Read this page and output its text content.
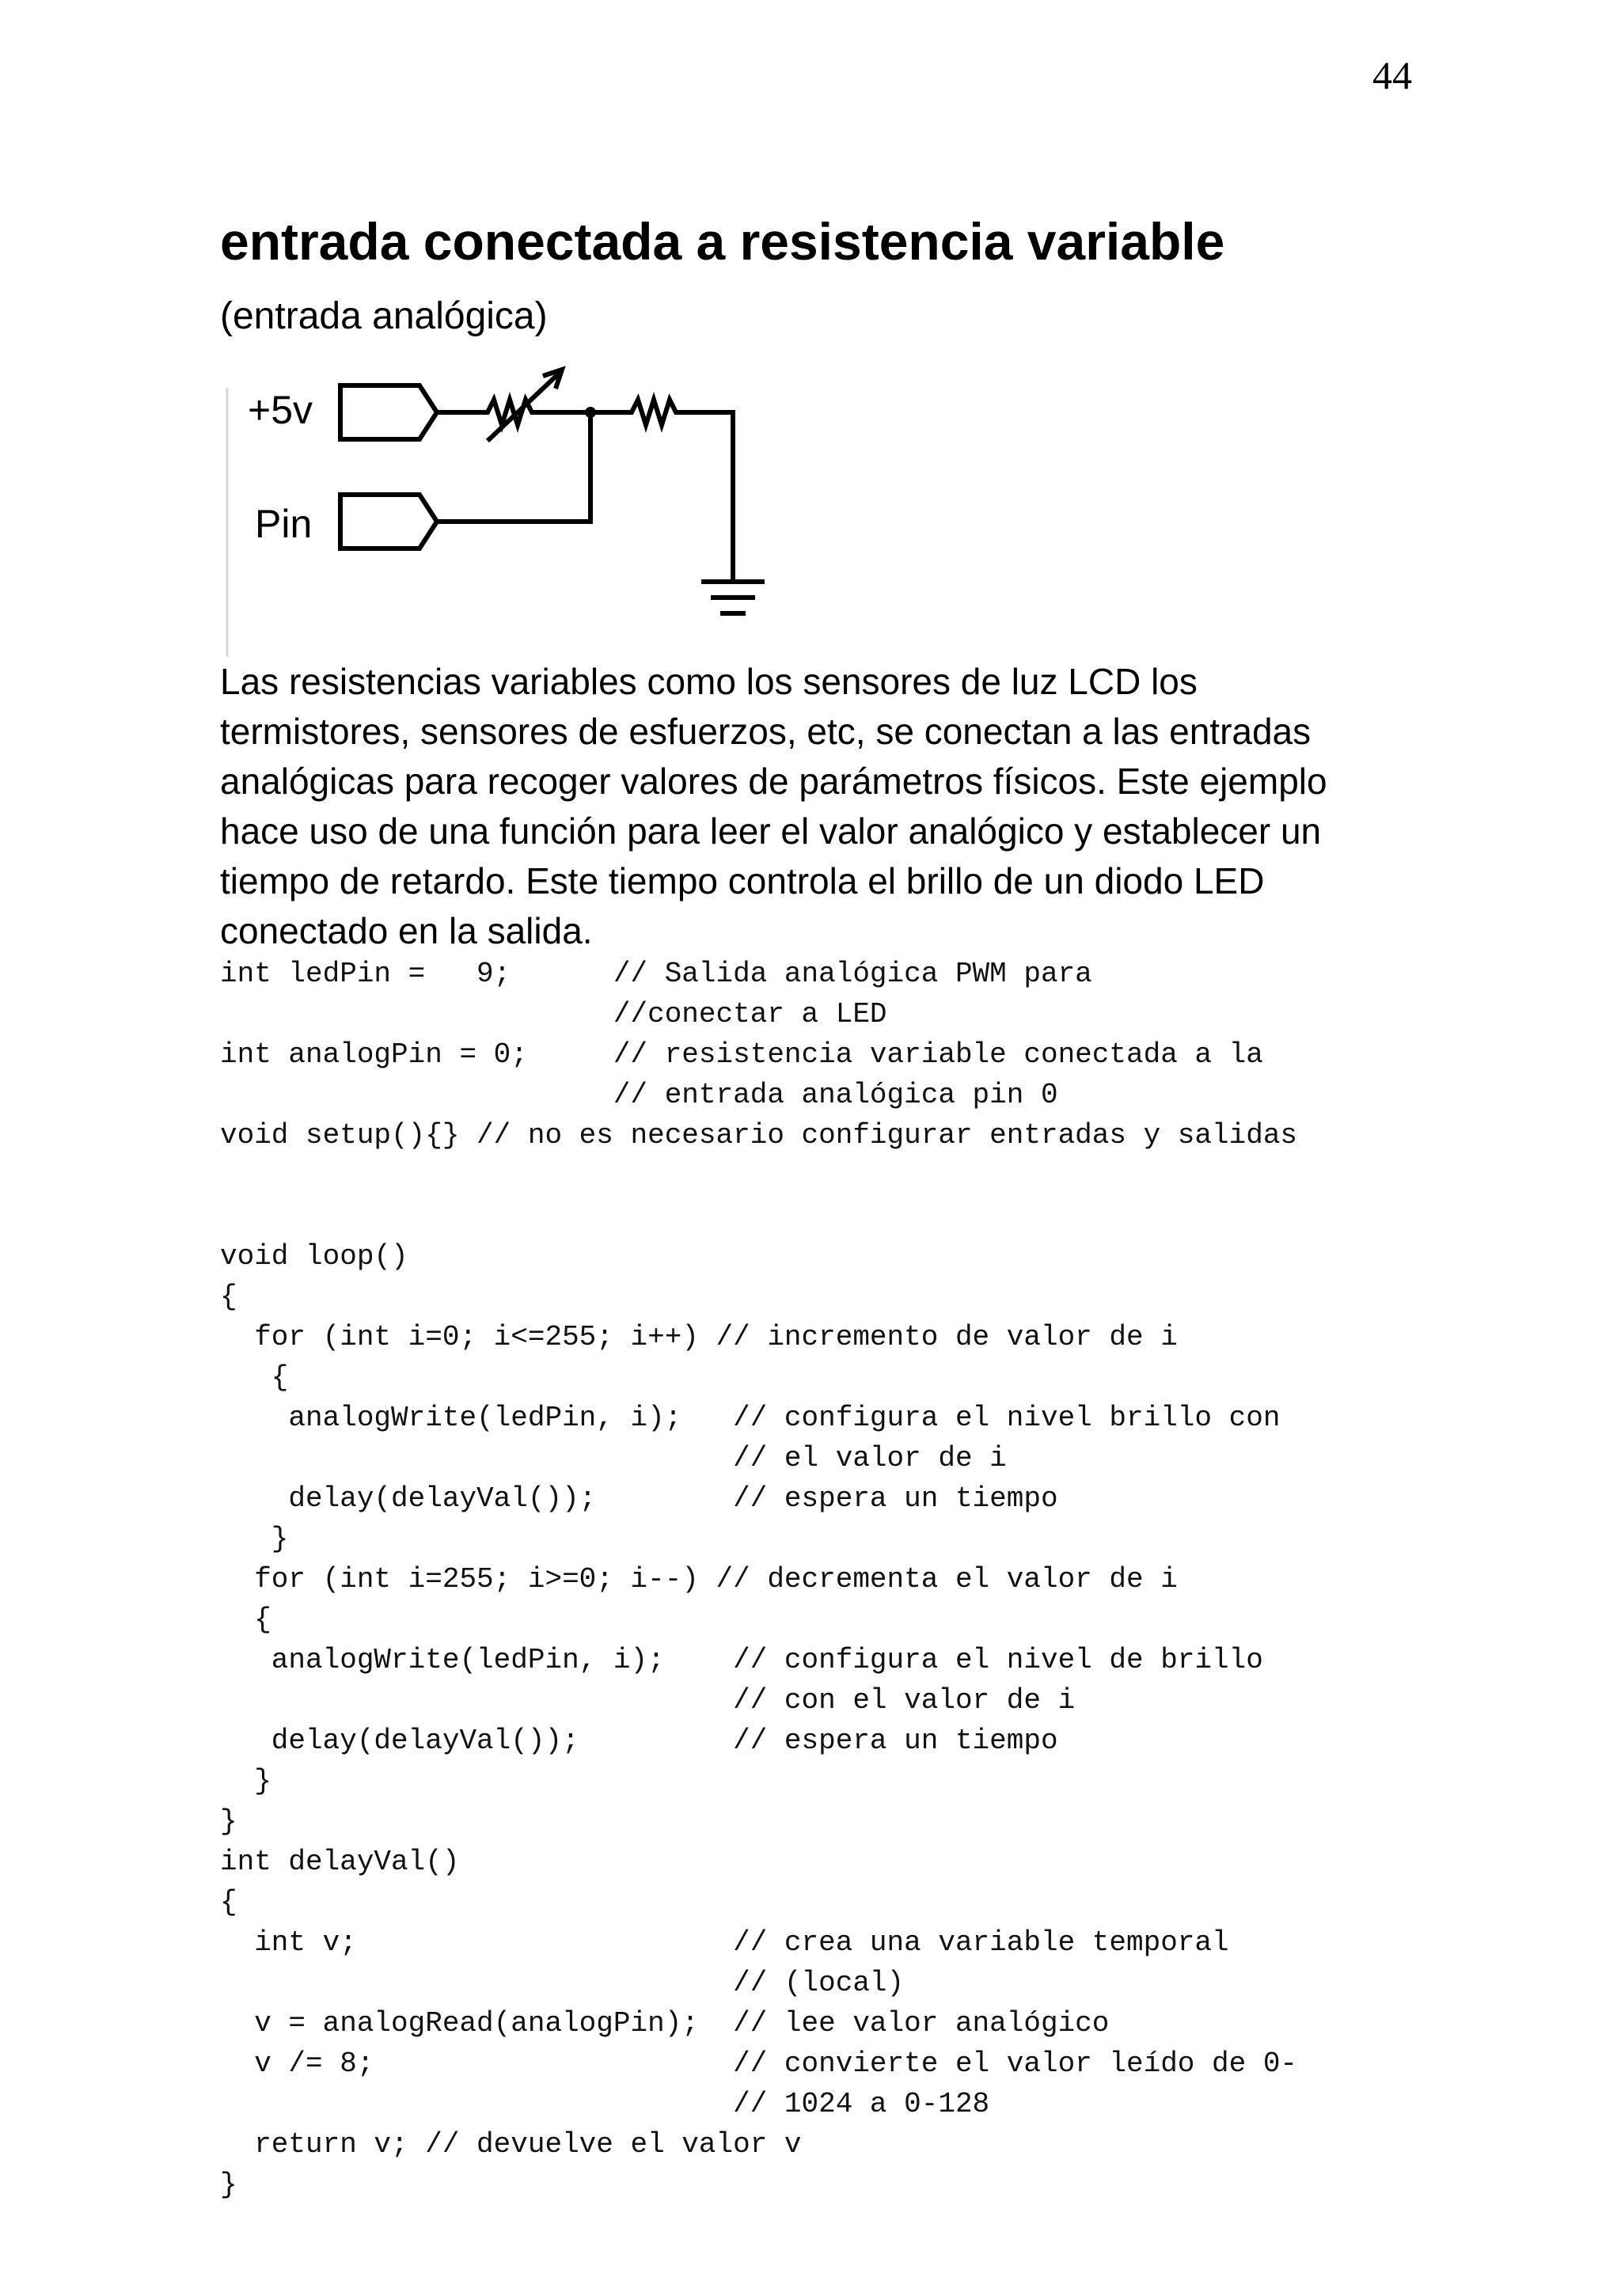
44
entrada conectada a resistencia variable
(entrada analógica)
+5v
Pin
Las resistencias variables como los sensores de luz LCD los
termistores, sensores de esfuerzos, etc, se conectan a las entradas
analógicas para recoger valores de parámetros físicos. Este ejemplo
hace uso de una función para leer el valor analógico y establecer un
tiempo de retardo. Este tiempo controla el brillo de un diodo LED
conectado en la salida.
int ledPin =   9;      // Salida analógica PWM para
//conectar a LED
int analogPin = 0;     // resistencia variable conectada a la
// entrada analógica pin 0
void setup(){} // no es necesario configurar entradas y salidas
void loop()
{
for (int i=0; i<=255; i++) // incremento de valor de i
{
analogWrite(ledPin, i);   // configura el nivel brillo con
// el valor de i
delay(delayVal());        // espera un tiempo
}
for (int i=255; i>=0; i--) // decrementa el valor de i
{
analogWrite(ledPin, i);    // configura el nivel de brillo
// con el valor de i
delay(delayVal());         // espera un tiempo
}
}
int delayVal()
{
int v;                      // crea una variable temporal
// (local)
v = analogRead(analogPin);  // lee valor analógico
v /= 8;                     // convierte el valor leído de 0-
// 1024 a 0-128
return v; // devuelve el valor v
}
